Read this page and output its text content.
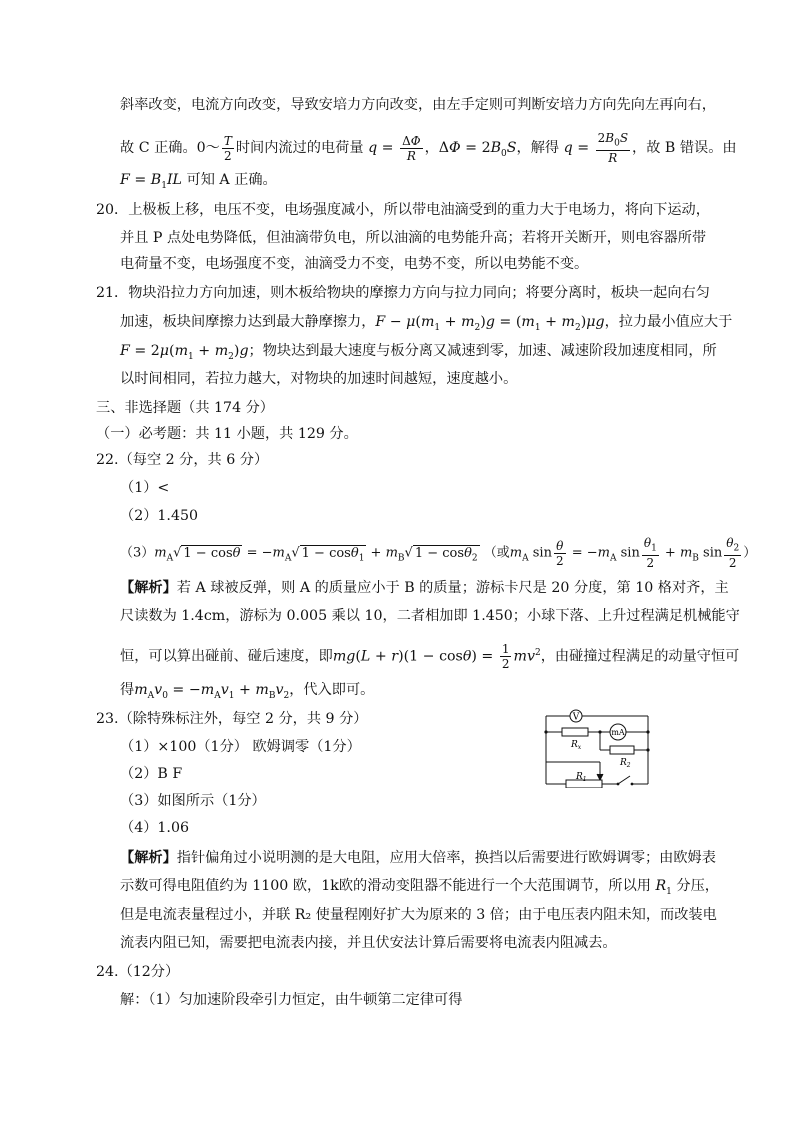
斜率改变，电流方向改变，导致安培力方向改变，由左手定则可判断安培力方向先向左再向右，
故 C 正确。0～ $\frac{T}{2}$ 时间内流过的电荷量 $q = \frac{\Delta\Phi}{R}$ ，$\Delta\Phi = 2B_0S$，解得 $q = \frac{2B_0S}{R}$ ，故 B 错误。由
$F = B_1IL$ 可知 A 正确。
20．上极板上移，电压不变，电场强度减小，所以带电油滴受到的重力大于电场力，将向下运动，
并且 P 点处电势降低，但油滴带负电，所以油滴的电势能升高；若将开关断开，则电容器所带
电荷量不变，电场强度不变，油滴受力不变，电势不变，所以电势能不变。
21．物块沿拉力方向加速，则木板给物块的摩擦力方向与拉力同向；将要分离时，板块一起向右匀
加速，板块间摩擦力达到最大静摩擦力，$F - \mu(m_1 + m_2)g = (m_1 + m_2)\mu g$，拉力最小值应大于
$F = 2\mu(m_1 + m_2)g$；物块达到最大速度与板分离又减速到零，加速、减速阶段加速度相同，所
以时间相同，若拉力越大，对物块的加速时间越短，速度越小。
三、非选择题（共 174 分）
（一）必考题：共 11 小题，共 129 分。
22.（每空 2 分，共 6 分）
（1）<
（2）1.450
$(3)m_A√$ $1 - \cos\theta = -m_A√$ $1 - \cos\theta_1 + m_B√$ 1 − cosθ$_2$ （或$m_A$ $\sin \frac{\theta}{2} = -m_A$ $\sin \frac{\theta_1}{2} + m_B$ $\sin \frac{\theta_2}{2}$ ）
【解析】若 A 球被反弹，则 A 的质量应小于 B 的质量；游标卡尺是 20 分度，第 10 格对齐，主
尺读数为 1.4cm，游标为 0.005 乘以 10，二者相加即 1.450；小球下落、上升过程满足机械能守
恒，可以算出碰前、碰后速度，即$mg(L + r)(1 - \cos\theta) = \frac{1}{2} mv^2$，由碰撞过程满足的动量守恒可
得$m_Av_0 = -m_Av_1 + m_Bv_2$，代入即可。
23.（除特殊标注外，每空 2 分，共 9 分）
（1）×100（1分） 欧姆调零（1分）
（2）B F
（3）如图所示（1分）
（4）1.06
V
mA
$R_x$
$R_2$
$R_1$
【解析】指针偏角过小说明测的是大电阻，应用大倍率，换挡以后需要进行欧姆调零；由欧姆表
示数可得电阻值约为 1100 欧，1k欧的滑动变阻器不能进行一个大范围调节，所以用 $R_1$ 分压，
但是电流表量程过小，并联 R₂ 使量程刚好扩大为原来的 3 倍；由于电压表内阻未知，而改装电
流表内阻已知，需要把电流表内接，并且伏安法计算后需要将电流表内阻减去。
24.（12分）
解：（1）匀加速阶段牵引力恒定，由牛顿第二定律可得
